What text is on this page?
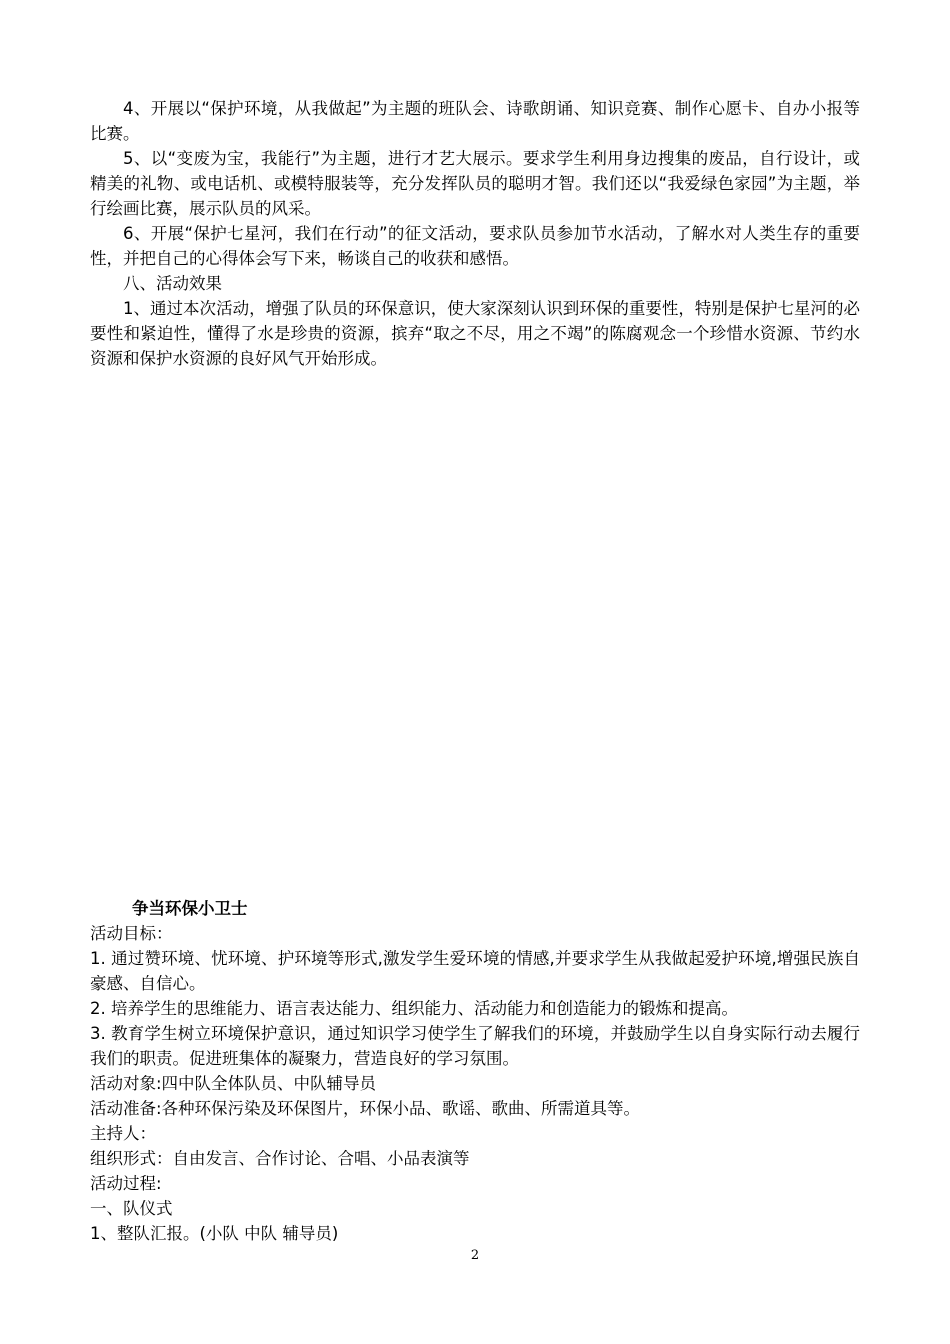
4、开展以“保护环境，从我做起”为主题的班队会、诗歌朗诵、知识竞赛、制作心愿卡、自办小报等比赛。

5、以“变废为宝，我能行”为主题，进行才艺大展示。要求学生利用身边搜集的废品，自行设计，或精美的礼物、或电话机、或模特服装等，充分发挥队员的聪明才智。我们还以“我爱绿色家园”为主题，举行绘画比赛，展示队员的风采。

6、开展“保护七星河，我们在行动”的征文活动，要求队员参加节水活动，了解水对人类生存的重要性，并把自己的心得体会写下来，畅谈自己的收获和感悟。

八、活动效果

1、通过本次活动，增强了队员的环保意识，使大家深刻认识到环保的重要性，特别是保护七星河的必要性和紧迫性，懂得了水是珍贵的资源，摈弃“取之不尽，用之不竭”的陈腐观念一个珍惜水资源、节约水资源和保护水资源的良好风气开始形成。

争当环保小卫士

活动目标：

1. 通过赞环境、忧环境、护环境等形式,激发学生爱环境的情感,并要求学生从我做起爱护环境,增强民族自豪感、自信心。

2. 培养学生的思维能力、语言表达能力、组织能力、活动能力和创造能力的锻炼和提高。

3. 教育学生树立环境保护意识，通过知识学习使学生了解我们的环境，并鼓励学生以自身实际行动去履行我们的职责。促进班集体的凝聚力，营造良好的学习氛围。

活动对象:四中队全体队员、中队辅导员

活动准备:各种环保污染及环保图片，环保小品、歌谣、歌曲、所需道具等。

主持人：

组织形式：自由发言、合作讨论、合唱、小品表演等

活动过程:

一、队仪式

1、整队汇报。(小队 中队 辅导员)

2
